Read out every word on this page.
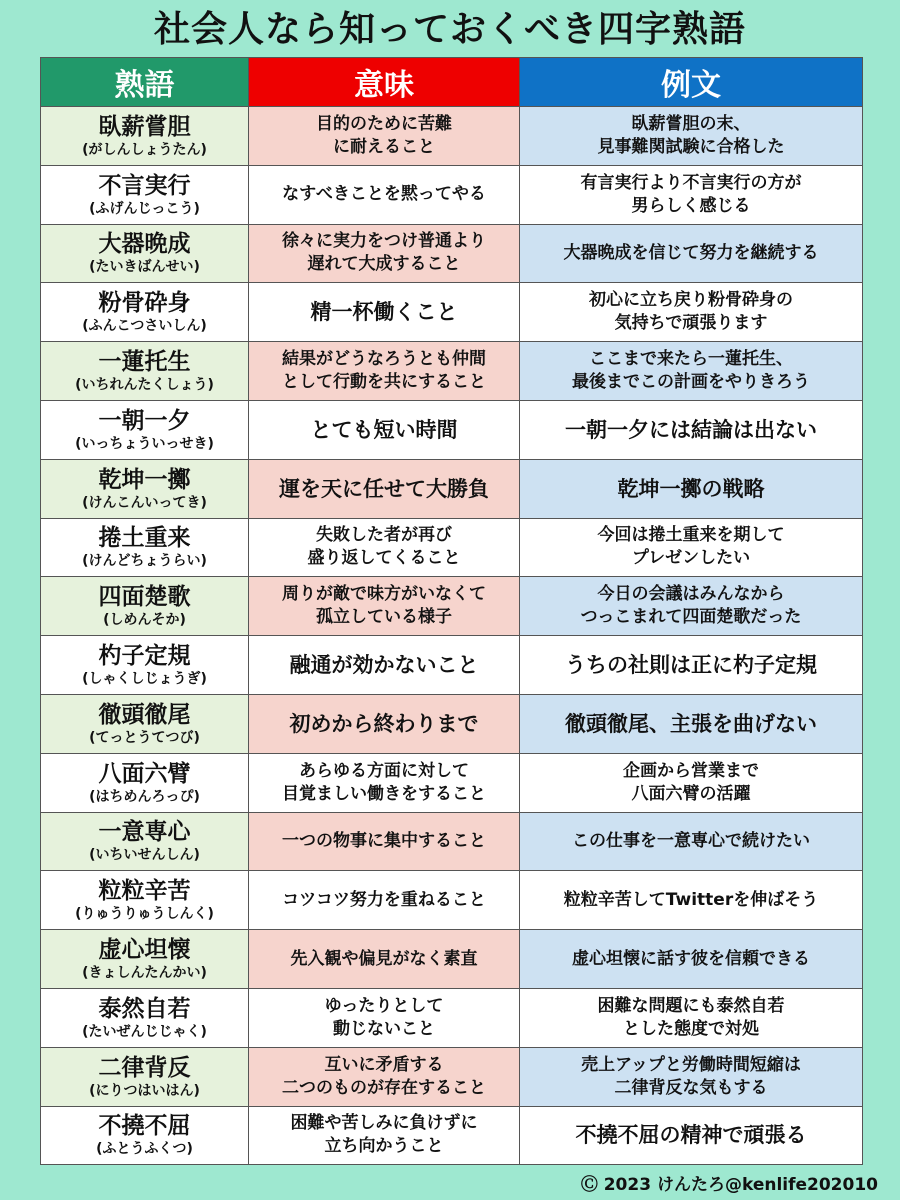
社会人なら知っておくべき四字熟語
熟語	意味	例文

臥薪嘗胆
(がしんしょうたん)	目的のために苦難
に耐えること	臥薪嘗胆の末、
見事難関試験に合格した

不言実行
(ふげんじっこう)	なすべきことを黙ってやる	有言実行より不言実行の方が
男らしく感じる

大器晩成
(たいきばんせい)	徐々に実力をつけ普通より
遅れて大成すること	大器晩成を信じて努力を継続する

粉骨砕身
(ふんこつさいしん)	精一杯働くこと	初心に立ち戻り粉骨砕身の
気持ちで頑張ります

一蓮托生
(いちれんたくしょう)	結果がどうなろうとも仲間
として行動を共にすること	ここまで来たら一蓮托生、
最後までこの計画をやりきろう

一朝一夕
(いっちょういっせき)	とても短い時間	一朝一夕には結論は出ない

乾坤一擲
(けんこんいってき)	運を天に任せて大勝負	乾坤一擲の戦略

捲土重来
(けんどちょうらい)	失敗した者が再び
盛り返してくること	今回は捲土重来を期して
プレゼンしたい

四面楚歌
(しめんそか)	周りが敵で味方がいなくて
孤立している様子	今日の会議はみんなから
つっこまれて四面楚歌だった

杓子定規
(しゃくしじょうぎ)	融通が効かないこと	うちの社則は正に杓子定規

徹頭徹尾
(てっとうてつび)	初めから終わりまで	徹頭徹尾、主張を曲げない

八面六臂
(はちめんろっぴ)	あらゆる方面に対して
目覚ましい働きをすること	企画から営業まで
八面六臂の活躍

一意専心
(いちいせんしん)	一つの物事に集中すること	この仕事を一意専心で続けたい

粒粒辛苦
(りゅうりゅうしんく)	コツコツ努力を重ねること	粒粒辛苦してTwitterを伸ばそう

虚心坦懐
(きょしんたんかい)	先入観や偏見がなく素直	虚心坦懐に話す彼を信頼できる

泰然自若
(たいぜんじじゃく)	ゆったりとして
動じないこと	困難な問題にも泰然自若
とした態度で対処

二律背反
(にりつはいはん)	互いに矛盾する
二つのものが存在すること	売上アップと労働時間短縮は
二律背反な気もする

不撓不屈
(ふとうふくつ)	困難や苦しみに負けずに
立ち向かうこと	不撓不屈の精神で頑張る
Ⓒ 2023 けんたろ@kenlife202010
